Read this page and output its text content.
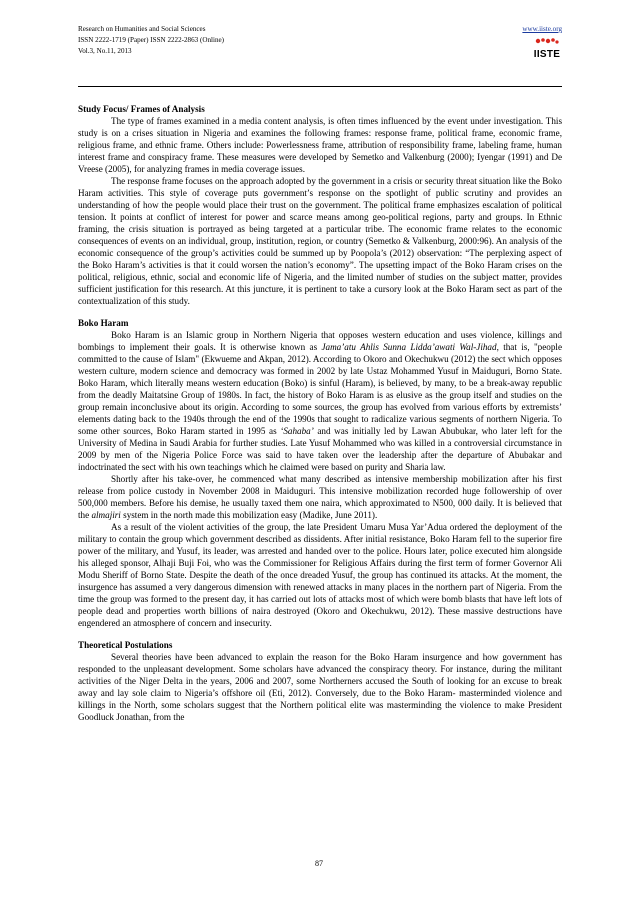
Research on Humanities and Social Sciences
ISSN 2222-1719 (Paper) ISSN 2222-2863 (Online)
Vol.3, No.11, 2013
www.iiste.org
IISTE
Study Focus/ Frames of Analysis

The type of frames examined in a media content analysis, is often times influenced by the event under investigation. This study is on a crises situation in Nigeria and examines the following frames: response frame, political frame, economic frame, religious frame, and ethnic frame. Others include: Powerlessness frame, attribution of responsibility frame, labeling frame, human interest frame and conspiracy frame. These measures were developed by Semetko and Valkenburg (2000); Iyengar (1991) and De Vreese (2005), for analyzing frames in media coverage issues.

The response frame focuses on the approach adopted by the government in a crisis or security threat situation like the Boko Haram activities. This style of coverage puts government’s response on the spotlight of public scrutiny and provides an understanding of how the people would place their trust on the government. The political frame emphasizes escalation of political tension. It points at conflict of interest for power and scarce means among geo-political regions, party and groups. In Ethnic framing, the crisis situation is portrayed as being targeted at a particular tribe. The economic frame relates to the economic consequences of events on an individual, group, institution, region, or country (Semetko & Valkenburg, 2000:96). An analysis of the economic consequence of the group’s activities could be summed up by Poopola’s (2012) observation: “The perplexing aspect of the Boko Haram’s activities is that it could worsen the nation’s economy”. The upsetting impact of the Boko Haram crises on the political, religious, ethnic, social and economic life of Nigeria, and the limited number of studies on the subject matter, provides sufficient justification for this research. At this juncture, it is pertinent to take a cursory look at the Boko Haram sect as part of the contextualization of this study.

Boko Haram

Boko Haram is an Islamic group in Northern Nigeria that opposes western education and uses violence, killings and bombings to implement their goals. It is otherwise known as Jama’atu Ahlis Sunna Lidda’awati Wal-Jihad, that is, "people committed to the cause of Islam" (Ekwueme and Akpan, 2012). According to Okoro and Okechukwu (2012) the sect which opposes western culture, modern science and democracy was formed in 2002 by late Ustaz Mohammed Yusuf in Maiduguri, Borno State. Boko Haram, which literally means western education (Boko) is sinful (Haram), is believed, by many, to be a break-away republic from the deadly Maitatsine Group of 1980s. In fact, the history of Boko Haram is as elusive as the group itself and studies on the group remain inconclusive about its origin. According to some sources, the group has evolved from various efforts by extremists’ elements dating back to the 1940s through the end of the 1990s that sought to radicalize various segments of northern Nigeria. To some other sources, Boko Haram started in 1995 as ‘Sahaba’ and was initially led by Lawan Abubukar, who later left for the University of Medina in Saudi Arabia for further studies. Late Yusuf Mohammed who was killed in a controversial circumstance in 2009 by men of the Nigeria Police Force was said to have taken over the leadership after the departure of Abubakar and indoctrinated the sect with his own teachings which he claimed were based on purity and Sharia law.

Shortly after his take-over, he commenced what many described as intensive membership mobilization after his first release from police custody in November 2008 in Maiduguri. This intensive mobilization recorded huge followership of over 500,000 members. Before his demise, he usually taxed them one naira, which approximated to N500, 000 daily. It is believed that the almajiri system in the north made this mobilization easy (Madike, June 2011).

As a result of the violent activities of the group, the late President Umaru Musa Yar’Adua ordered the deployment of the military to contain the group which government described as dissidents. After initial resistance, Boko Haram fell to the superior fire power of the military, and Yusuf, its leader, was arrested and handed over to the police. Hours later, police executed him alongside his alleged sponsor, Alhaji Buji Foi, who was the Commissioner for Religious Affairs during the first term of former Governor Ali Modu Sheriff of Borno State. Despite the death of the once dreaded Yusuf, the group has continued its attacks. At the moment, the insurgence has assumed a very dangerous dimension with renewed attacks in many places in the northern part of Nigeria. From the time the group was formed to the present day, it has carried out lots of attacks most of which were bomb blasts that have left lots of people dead and properties worth billions of naira destroyed (Okoro and Okechukwu, 2012). These massive destructions have engendered an atmosphere of concern and insecurity.

Theoretical Postulations

Several theories have been advanced to explain the reason for the Boko Haram insurgence and how government has responded to the unpleasant development. Some scholars have advanced the conspiracy theory. For instance, during the militant activities of the Niger Delta in the years, 2006 and 2007, some Northerners accused the South of looking for an excuse to break away and lay sole claim to Nigeria’s offshore oil (Eti, 2012). Conversely, due to the Boko Haram- masterminded violence and killings in the North, some scholars suggest that the Northern political elite was masterminding the violence to make President Goodluck Jonathan, from the

87
